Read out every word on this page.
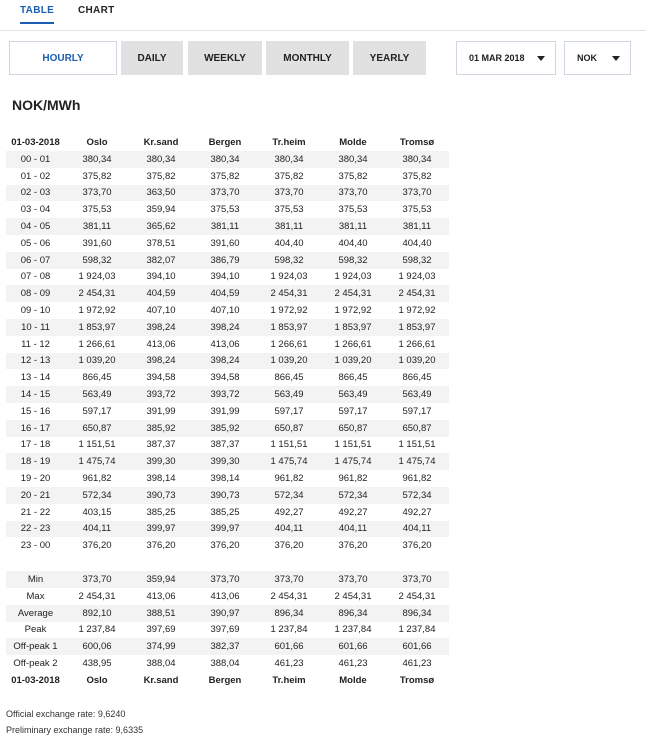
TABLE CHART
HOURLY	DAILY	WEEKLY	MONTHLY	YEARLY	01 MAR 2018	NOK
NOK/MWh
01-03-2018	Oslo	Kr.sand	Bergen	Tr.heim	Molde	Tromsø
00 - 01	380,34	380,34	380,34	380,34	380,34	380,34
01 - 02	375,82	375,82	375,82	375,82	375,82	375,82
02 - 03	373,70	363,50	373,70	373,70	373,70	373,70
03 - 04	375,53	359,94	375,53	375,53	375,53	375,53
04 - 05	381,11	365,62	381,11	381,11	381,11	381,11
05 - 06	391,60	378,51	391,60	404,40	404,40	404,40
06 - 07	598,32	382,07	386,79	598,32	598,32	598,32
07 - 08	1 924,03	394,10	394,10	1 924,03	1 924,03	1 924,03
08 - 09	2 454,31	404,59	404,59	2 454,31	2 454,31	2 454,31
09 - 10	1 972,92	407,10	407,10	1 972,92	1 972,92	1 972,92
10 - 11	1 853,97	398,24	398,24	1 853,97	1 853,97	1 853,97
11 - 12	1 266,61	413,06	413,06	1 266,61	1 266,61	1 266,61
12 - 13	1 039,20	398,24	398,24	1 039,20	1 039,20	1 039,20
13 - 14	866,45	394,58	394,58	866,45	866,45	866,45
14 - 15	563,49	393,72	393,72	563,49	563,49	563,49
15 - 16	597,17	391,99	391,99	597,17	597,17	597,17
16 - 17	650,87	385,92	385,92	650,87	650,87	650,87
17 - 18	1 151,51	387,37	387,37	1 151,51	1 151,51	1 151,51
18 - 19	1 475,74	399,30	399,30	1 475,74	1 475,74	1 475,74
19 - 20	961,82	398,14	398,14	961,82	961,82	961,82
20 - 21	572,34	390,73	390,73	572,34	572,34	572,34
21 - 22	403,15	385,25	385,25	492,27	492,27	492,27
22 - 23	404,11	399,97	399,97	404,11	404,11	404,11
23 - 00	376,20	376,20	376,20	376,20	376,20	376,20

Min	373,70	359,94	373,70	373,70	373,70	373,70
Max	2 454,31	413,06	413,06	2 454,31	2 454,31	2 454,31
Average	892,10	388,51	390,97	896,34	896,34	896,34
Peak	1 237,84	397,69	397,69	1 237,84	1 237,84	1 237,84
Off-peak 1	600,06	374,99	382,37	601,66	601,66	601,66
Off-peak 2	438,95	388,04	388,04	461,23	461,23	461,23
01-03-2018	Oslo	Kr.sand	Bergen	Tr.heim	Molde	Tromsø
Official exchange rate: 9,6240
Preliminary exchange rate: 9,6335
